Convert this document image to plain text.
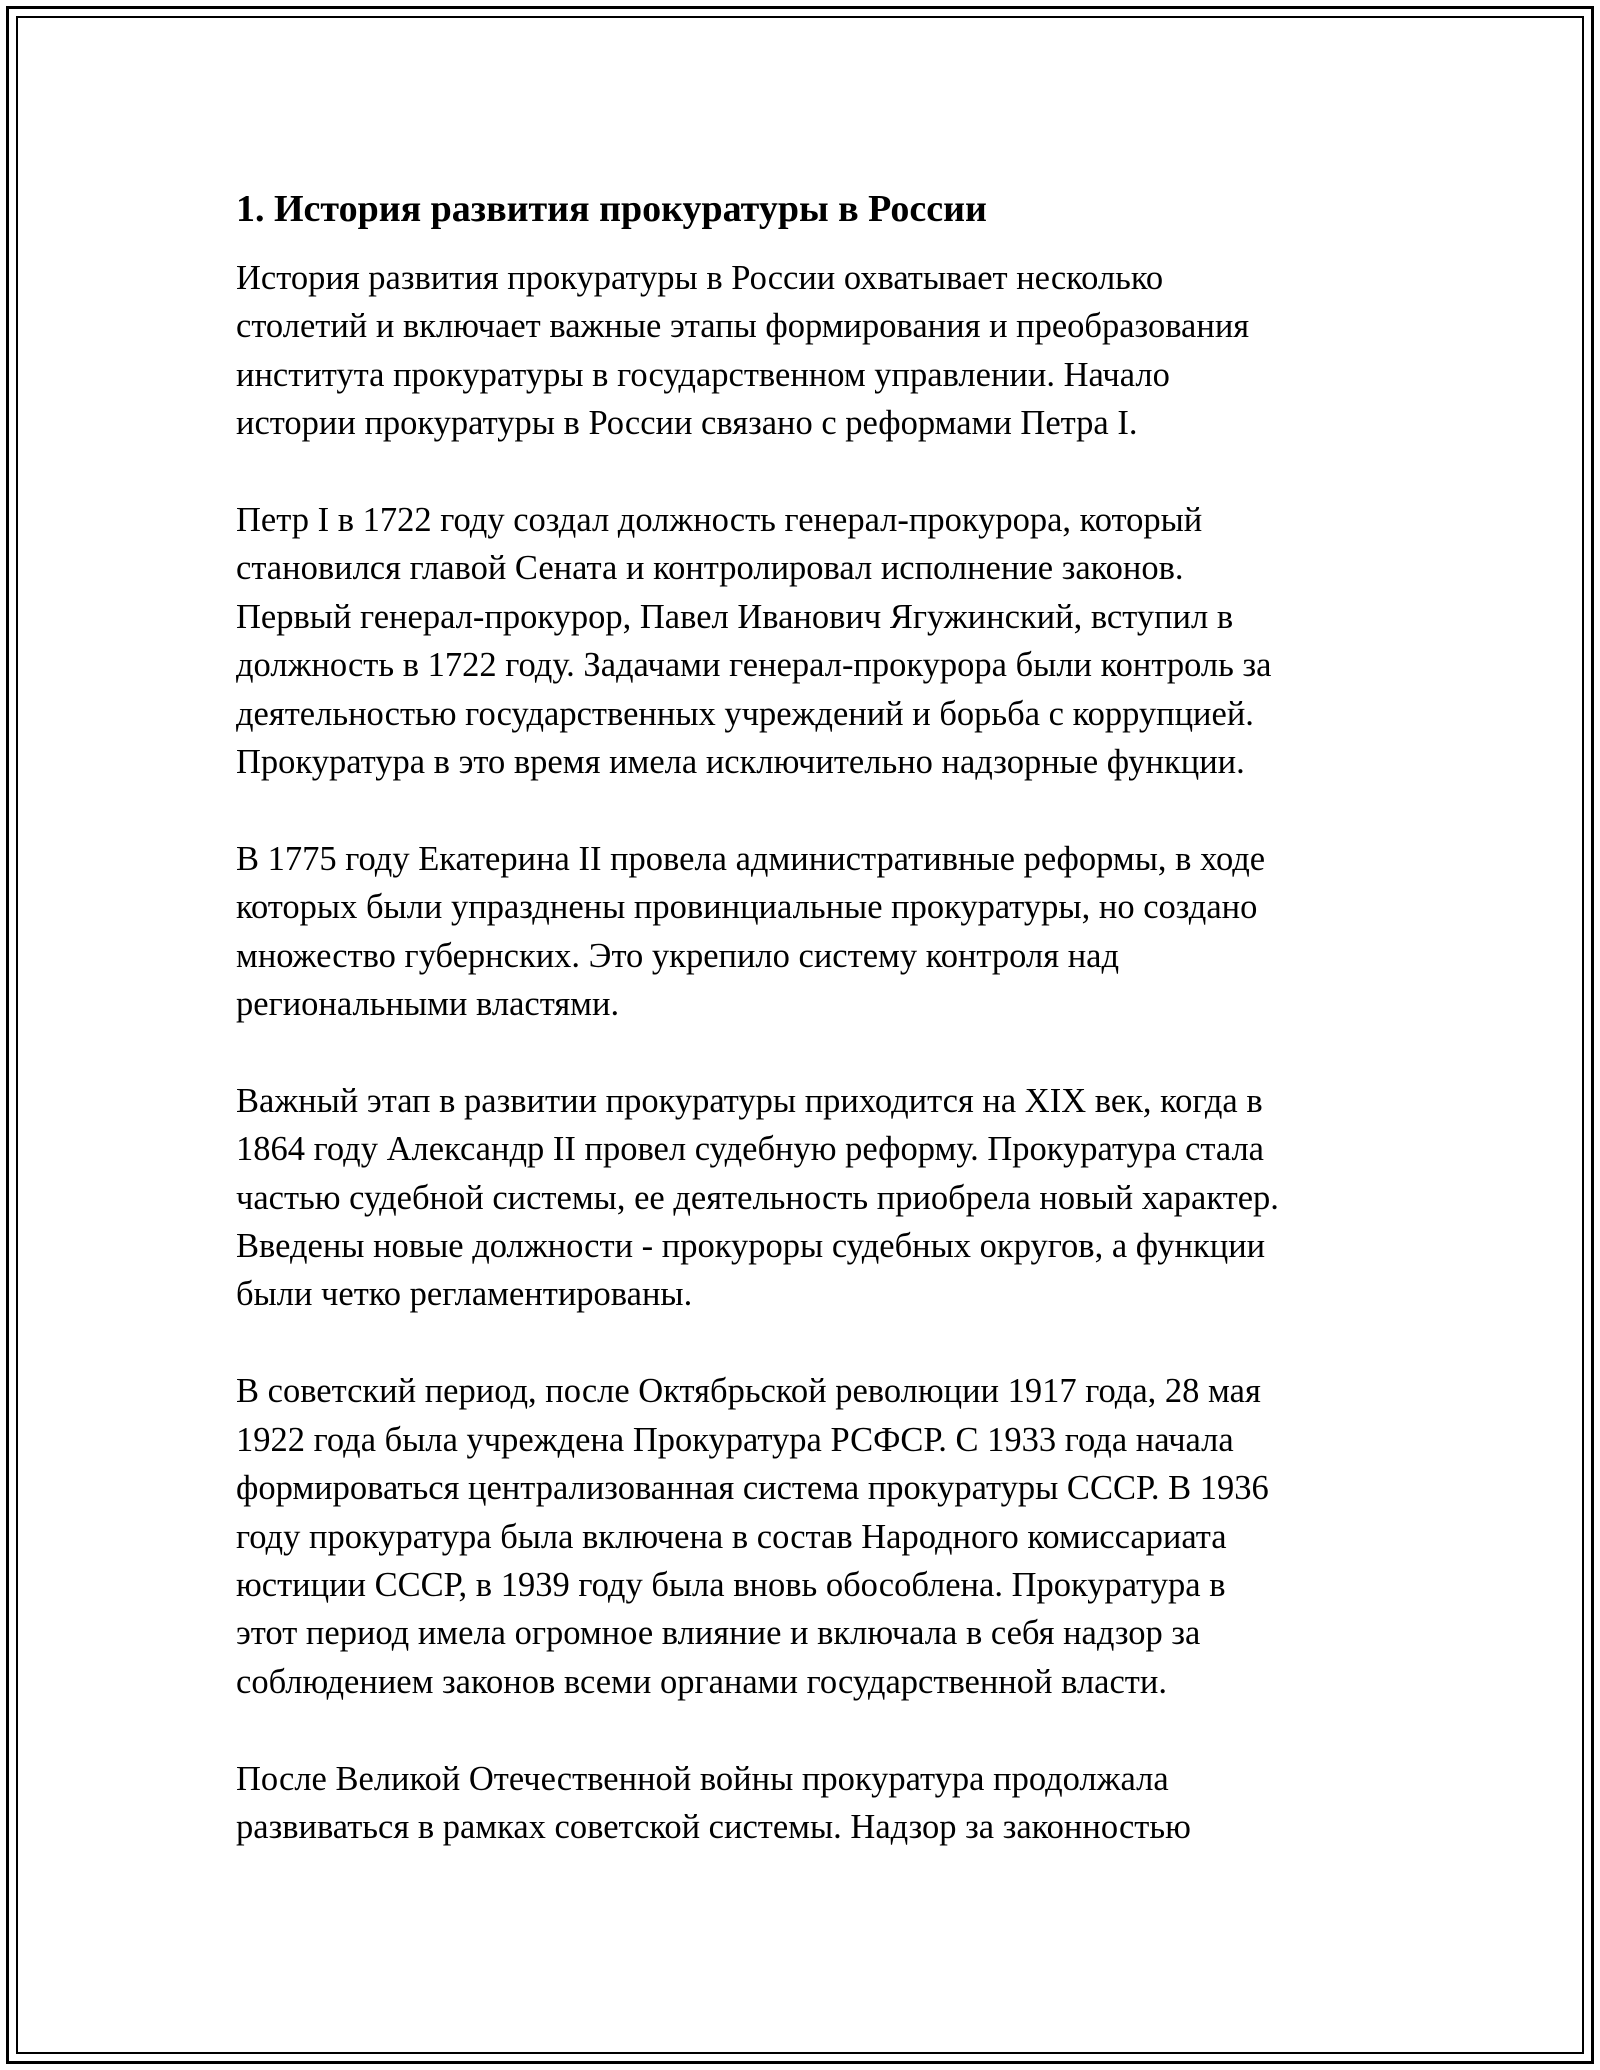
1. История развития прокуратуры в России

История развития прокуратуры в России охватывает несколько
столетий и включает важные этапы формирования и преобразования
института прокуратуры в государственном управлении. Начало
истории прокуратуры в России связано с реформами Петра I.

Петр I в 1722 году создал должность генерал-прокурора, который
становился главой Сената и контролировал исполнение законов.
Первый генерал-прокурор, Павел Иванович Ягужинский, вступил в
должность в 1722 году. Задачами генерал-прокурора были контроль за
деятельностью государственных учреждений и борьба с коррупцией.
Прокуратура в это время имела исключительно надзорные функции.

В 1775 году Екатерина II провела административные реформы, в ходе
которых были упразднены провинциальные прокуратуры, но создано
множество губернских. Это укрепило систему контроля над
региональными властями.

Важный этап в развитии прокуратуры приходится на XIX век, когда в
1864 году Александр II провел судебную реформу. Прокуратура стала
частью судебной системы, ее деятельность приобрела новый характер.
Введены новые должности - прокуроры судебных округов, а функции
были четко регламентированы.

В советский период, после Октябрьской революции 1917 года, 28 мая
1922 года была учреждена Прокуратура РСФСР. С 1933 года начала
формироваться централизованная система прокуратуры СССР. В 1936
году прокуратура была включена в состав Народного комиссариата
юстиции СССР, в 1939 году была вновь обособлена. Прокуратура в
этот период имела огромное влияние и включала в себя надзор за
соблюдением законов всеми органами государственной власти.

После Великой Отечественной войны прокуратура продолжала
развиваться в рамках советской системы. Надзор за законностью
